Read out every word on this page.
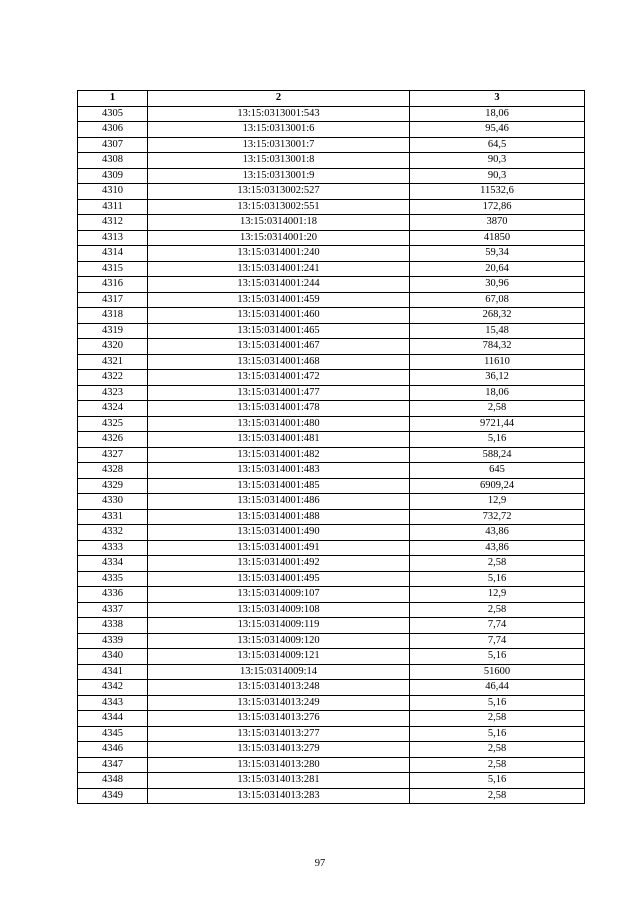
1	2	3
4305	13:15:0313001:543	18,06
4306	13:15:0313001:6	95,46
4307	13:15:0313001:7	64,5
4308	13:15:0313001:8	90,3
4309	13:15:0313001:9	90,3
4310	13:15:0313002:527	11532,6
4311	13:15:0313002:551	172,86
4312	13:15:0314001:18	3870
4313	13:15:0314001:20	41850
4314	13:15:0314001:240	59,34
4315	13:15:0314001:241	20,64
4316	13:15:0314001:244	30,96
4317	13:15:0314001:459	67,08
4318	13:15:0314001:460	268,32
4319	13:15:0314001:465	15,48
4320	13:15:0314001:467	784,32
4321	13:15:0314001:468	11610
4322	13:15:0314001:472	36,12
4323	13:15:0314001:477	18,06
4324	13:15:0314001:478	2,58
4325	13:15:0314001:480	9721,44
4326	13:15:0314001:481	5,16
4327	13:15:0314001:482	588,24
4328	13:15:0314001:483	645
4329	13:15:0314001:485	6909,24
4330	13:15:0314001:486	12,9
4331	13:15:0314001:488	732,72
4332	13:15:0314001:490	43,86
4333	13:15:0314001:491	43,86
4334	13:15:0314001:492	2,58
4335	13:15:0314001:495	5,16
4336	13:15:0314009:107	12,9
4337	13:15:0314009:108	2,58
4338	13:15:0314009:119	7,74
4339	13:15:0314009:120	7,74
4340	13:15:0314009:121	5,16
4341	13:15:0314009:14	51600
4342	13:15:0314013:248	46,44
4343	13:15:0314013:249	5,16
4344	13:15:0314013:276	2,58
4345	13:15:0314013:277	5,16
4346	13:15:0314013:279	2,58
4347	13:15:0314013:280	2,58
4348	13:15:0314013:281	5,16
4349	13:15:0314013:283	2,58
97
